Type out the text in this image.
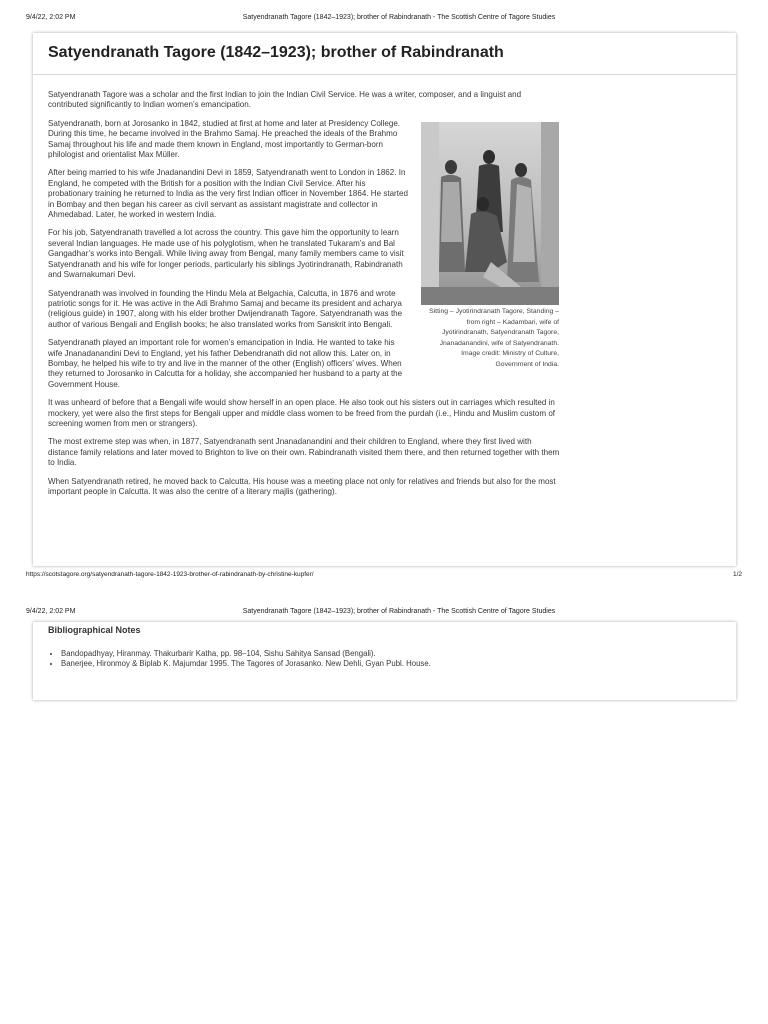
9/4/22, 2:02 PM	Satyendranath Tagore (1842–1923); brother of Rabindranath - The Scottish Centre of Tagore Studies
Satyendranath Tagore (1842–1923); brother of Rabindranath
Sitting – Jyotirindranath Tagore, Standing – from right – Kadambari, wife of Jyotirindranath, Satyendranath Tagore, Jnanadanandini, wife of Satyendranath. Image credit: Ministry of Culture, Government of India.

Satyendranath Tagore was a scholar and the first Indian to join the Indian Civil Service. He was a writer, composer, and a linguist and contributed significantly to Indian women’s emancipation.

Satyendranath, born at Jorosanko in 1842, studied at first at home and later at Presidency College. During this time, he became involved in the Brahmo Samaj. He preached the ideals of the Brahmo Samaj throughout his life and made them known in England, most importantly to German-born philologist and orientalist Max Müller.

After being married to his wife Jnadanandini Devi in 1859, Satyendranath went to London in 1862. In England, he competed with the British for a position with the Indian Civil Service. After his probationary training he returned to India as the very first Indian officer in November 1864. He started in Bombay and then began his career as civil servant as assistant magistrate and collector in Ahmedabad. Later, he worked in western India.

For his job, Satyendranath travelled a lot across the country. This gave him the opportunity to learn several Indian languages. He made use of his polyglotism, when he translated Tukaram’s and Bal Gangadhar’s works into Bengali. While living away from Bengal, many family members came to visit Satyendranath and his wife for longer periods, particularly his siblings Jyotirindranath, Rabindranath and Swarnakumari Devi.

Satyendranath was involved in founding the Hindu Mela at Belgachia, Calcutta, in 1876 and wrote patriotic songs for it. He was active in the Adi Brahmo Samaj and became its president and acharya (religious guide) in 1907, along with his elder brother Dwijendranath Tagore. Satyendranath was the author of various Bengali and English books; he also translated works from Sanskrit into Bengali.

Satyendranath played an important role for women’s emancipation in India. He wanted to take his wife Jnanadanandini Devi to England, yet his father Debendranath did not allow this. Later on, in Bombay, he helped his wife to try and live in the manner of the other (English) officers’ wives. When they returned to Jorosanko in Calcutta for a holiday, she accompanied her husband to a party at the Government House.

It was unheard of before that a Bengali wife would show herself in an open place. He also took out his sisters out in carriages which resulted in mockery, yet were also the first steps for Bengali upper and middle class women to be freed from the purdah (i.e., Hindu and Muslim custom of screening women from men or strangers).

The most extreme step was when, in 1877, Satyendranath sent Jnanadanandini and their children to England, where they first lived with distance family relations and later moved to Brighton to live on their own. Rabindranath visited them there, and then returned together with them to India.

When Satyendranath retired, he moved back to Calcutta. His house was a meeting place not only for relatives and friends but also for the most important people in Calcutta. It was also the centre of a literary majlis (gathering).

https://scotstagore.org/satyendranath-tagore-1842-1923-brother-of-rabindranath-by-christine-kupfer/	1/2
9/4/22, 2:02 PM	Satyendranath Tagore (1842–1923); brother of Rabindranath - The Scottish Centre of Tagore Studies
Bibliographical Notes
• Bandopadhyay, Hiranmay. Thakurbarir Katha, pp. 98–104, Sishu Sahitya Sansad (Bengali).
• Banerjee, Hironmoy & Biplab K. Majumdar 1995. The Tagores of Jorasanko. New Dehli, Gyan Publ. House.
